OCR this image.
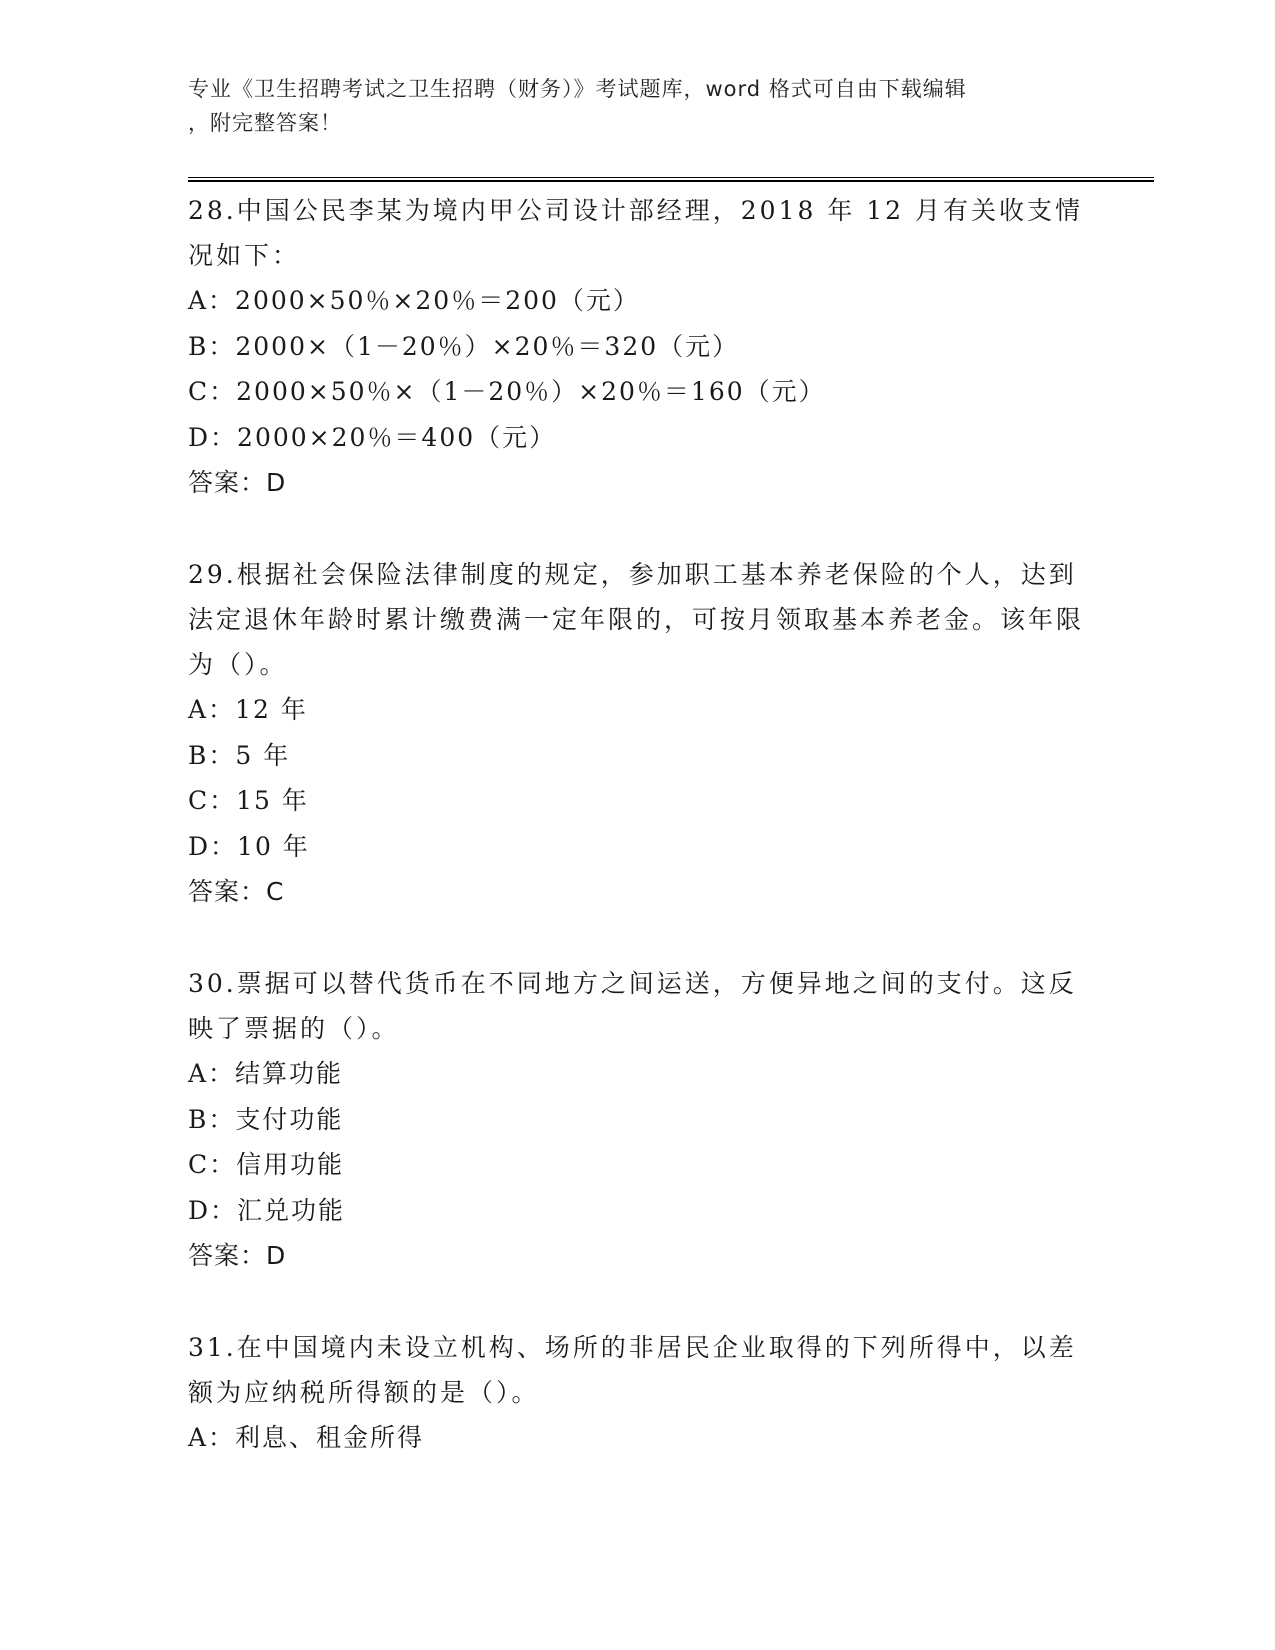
专业《卫生招聘考试之卫生招聘（财务）》考试题库，word 格式可自由下载编辑
，附完整答案！

28.中国公民李某为境内甲公司设计部经理，2018 年 12 月有关收支情况如下：

A：2000×50％×20％＝200（元）

B：2000×（1－20％）×20％＝320（元）

C：2000×50％×（1－20％）×20％＝160（元）

D：2000×20％＝400（元）

答案：D

29.根据社会保险法律制度的规定，参加职工基本养老保险的个人，达到法定退休年龄时累计缴费满一定年限的，可按月领取基本养老金。该年限为（）。

A：12 年

B：5 年

C：15 年

D：10 年

答案：C

30.票据可以替代货币在不同地方之间运送，方便异地之间的支付。这反映了票据的（）。

A：结算功能

B：支付功能

C：信用功能

D：汇兑功能

答案：D

31.在中国境内未设立机构、场所的非居民企业取得的下列所得中，以差额为应纳税所得额的是（）。

A：利息、租金所得
